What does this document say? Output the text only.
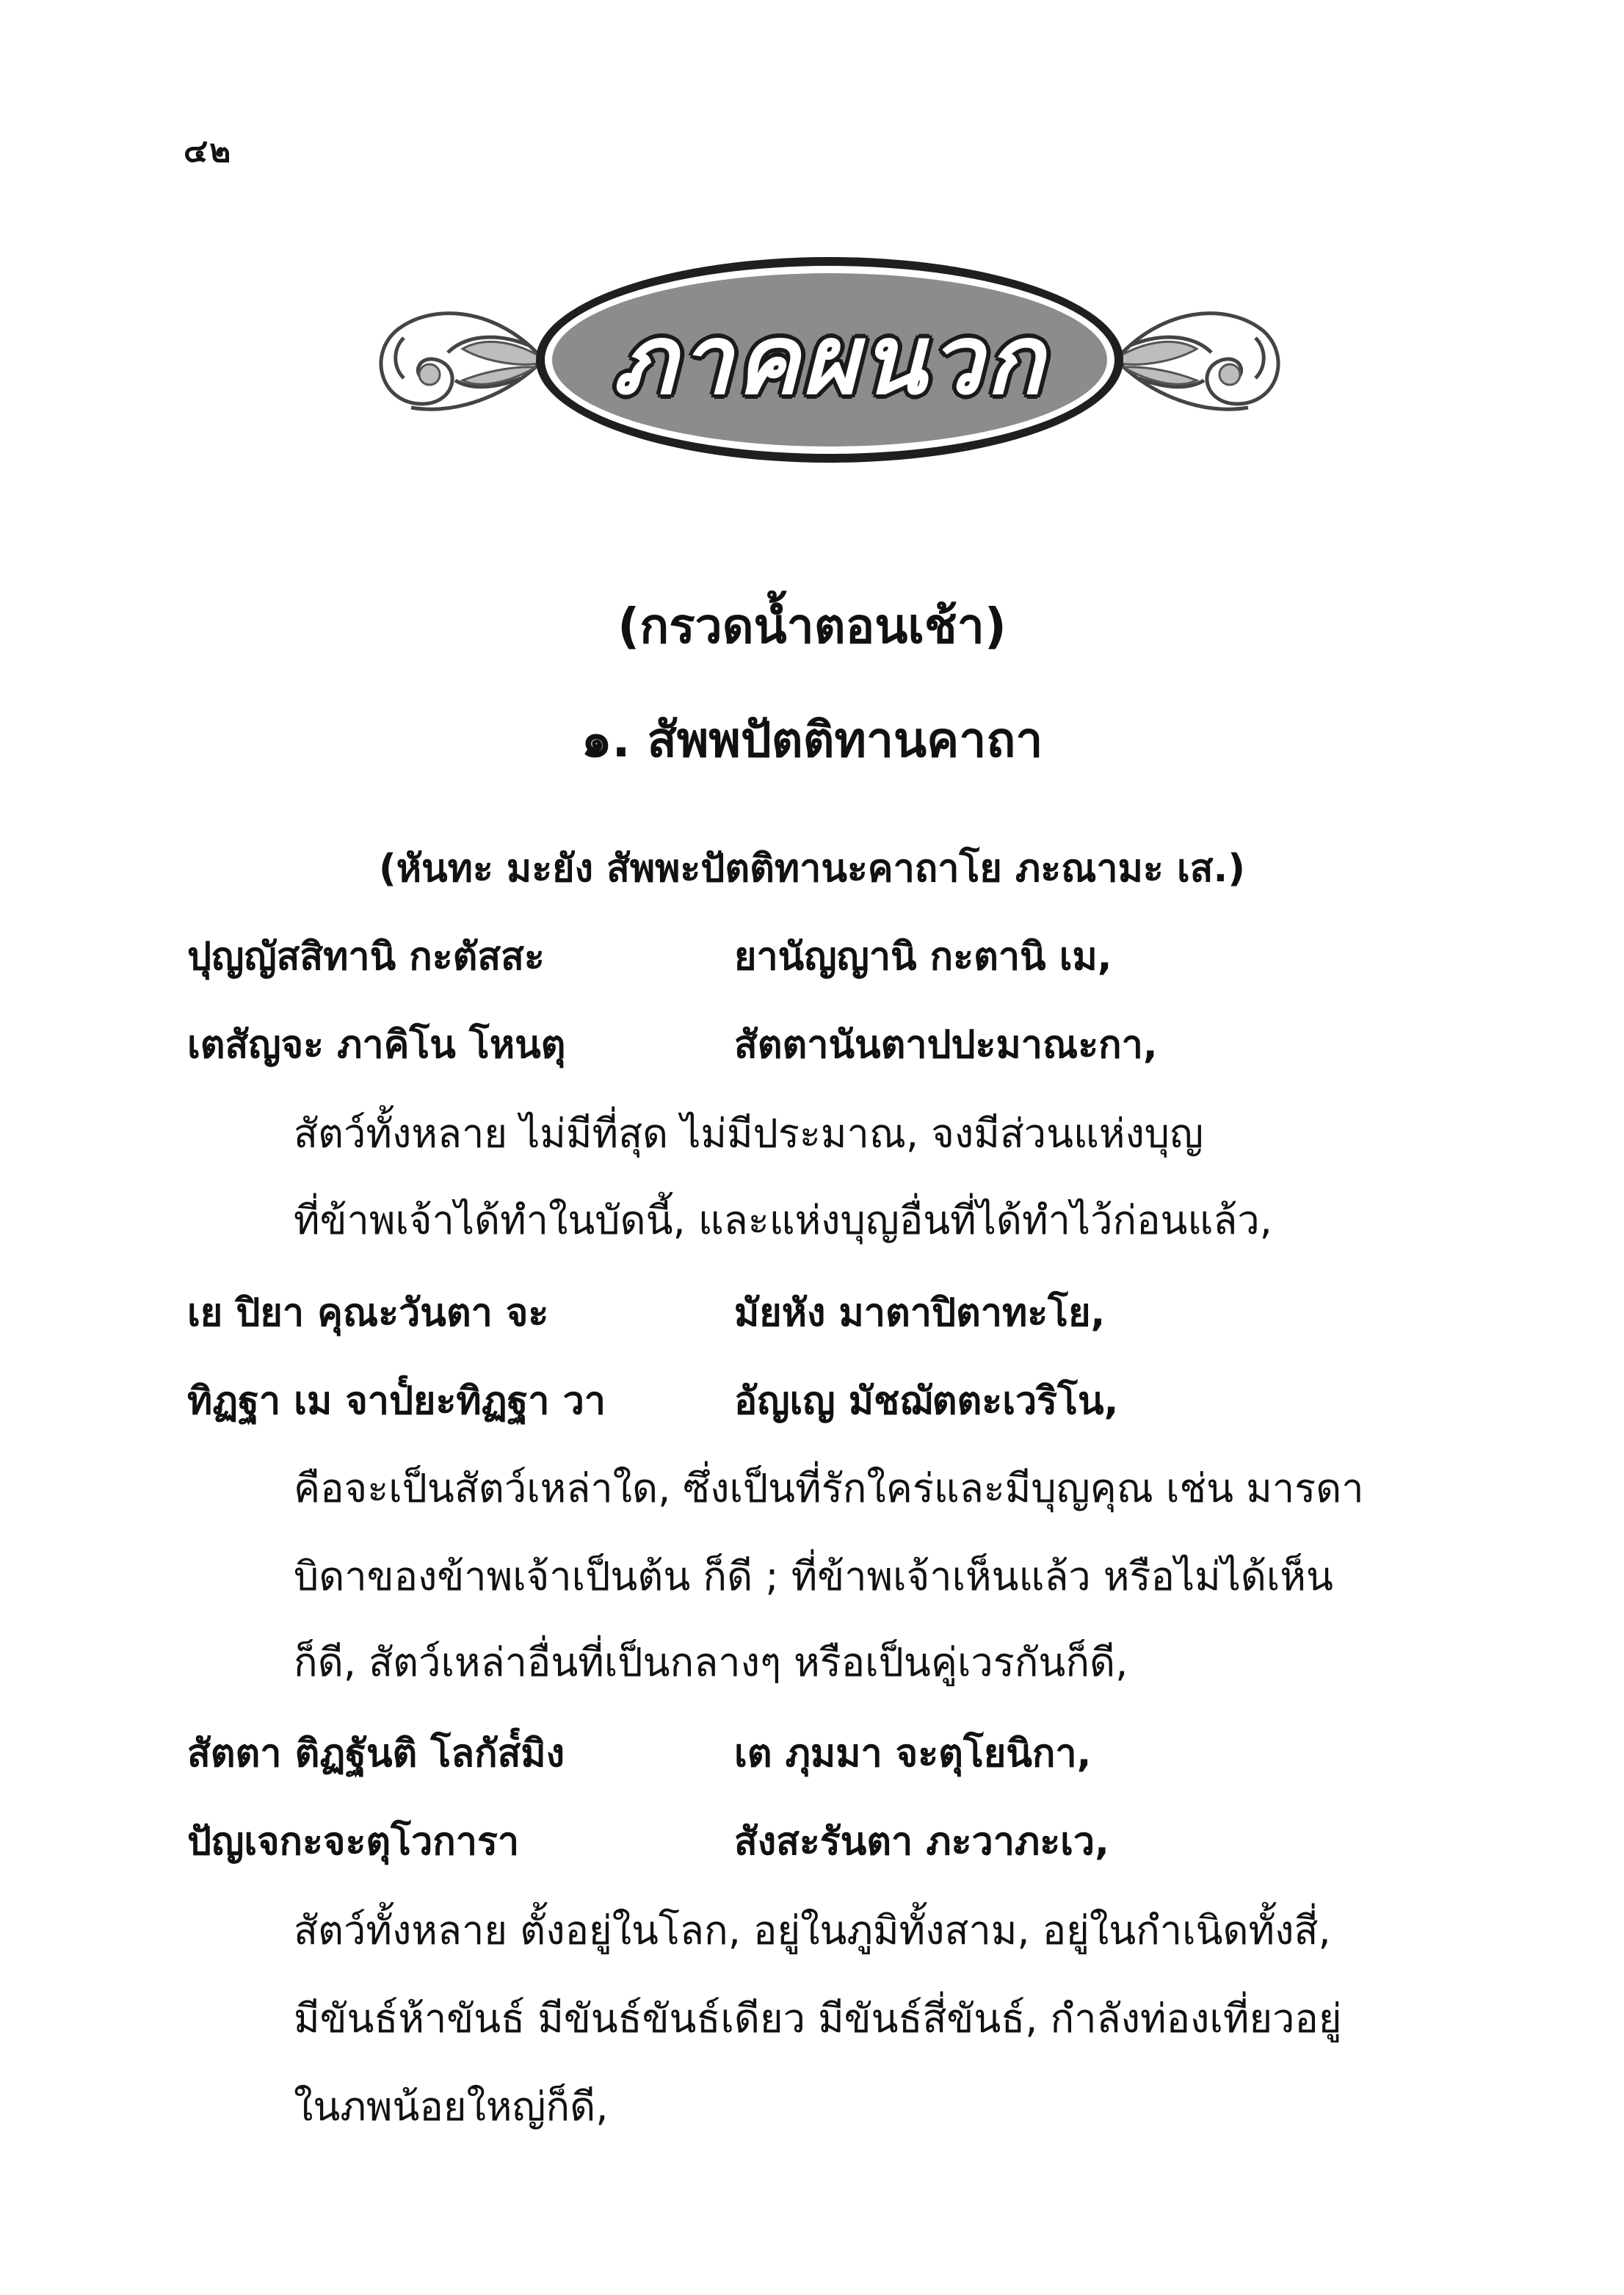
๔๒
ภาคผนวก
(กรวดน้ำตอนเช้า)
๑. สัพพปัตติทานคาถา
(หันทะ มะยัง สัพพะปัตติทานะคาถาโย ภะณามะ เส.)
ปุญญัสสิทานิ กะตัสสะ	ยานัญญานิ กะตานิ เม,
เตสัญจะ ภาคิโน โหนตุ	สัตตานันตาปปะมาณะกา,
สัตว์ทั้งหลาย ไม่มีที่สุด ไม่มีประมาณ, จงมีส่วนแห่งบุญ
ที่ข้าพเจ้าได้ทำในบัดนี้, และแห่งบุญอื่นที่ได้ทำไว้ก่อนแล้ว,
เย ปิยา คุณะวันตา จะ	มัยหัง มาตาปิตาทะโย,
ทิฏฐา เม จาป๎ยะทิฏฐา วา	อัญเญ มัชฌัตตะเวริโน,
คือจะเป็นสัตว์เหล่าใด, ซึ่งเป็นที่รักใคร่และมีบุญคุณ เช่น มารดา
บิดาของข้าพเจ้าเป็นต้น ก็ดี ; ที่ข้าพเจ้าเห็นแล้ว หรือไม่ได้เห็น
ก็ดี, สัตว์เหล่าอื่นที่เป็นกลางๆ หรือเป็นคู่เวรกันก็ดี,
สัตตา ติฏฐันติ โลกัส๎มิง	เต ภุมมา จะตุโยนิกา,
ปัญเจกะจะตุโวการา	สังสะรันตา ภะวาภะเว,
สัตว์ทั้งหลาย ตั้งอยู่ในโลก, อยู่ในภูมิทั้งสาม, อยู่ในกำเนิดทั้งสี่,
มีขันธ์ห้าขันธ์ มีขันธ์ขันธ์เดียว มีขันธ์สี่ขันธ์, กำลังท่องเที่ยวอยู่
ในภพน้อยใหญ่ก็ดี,
